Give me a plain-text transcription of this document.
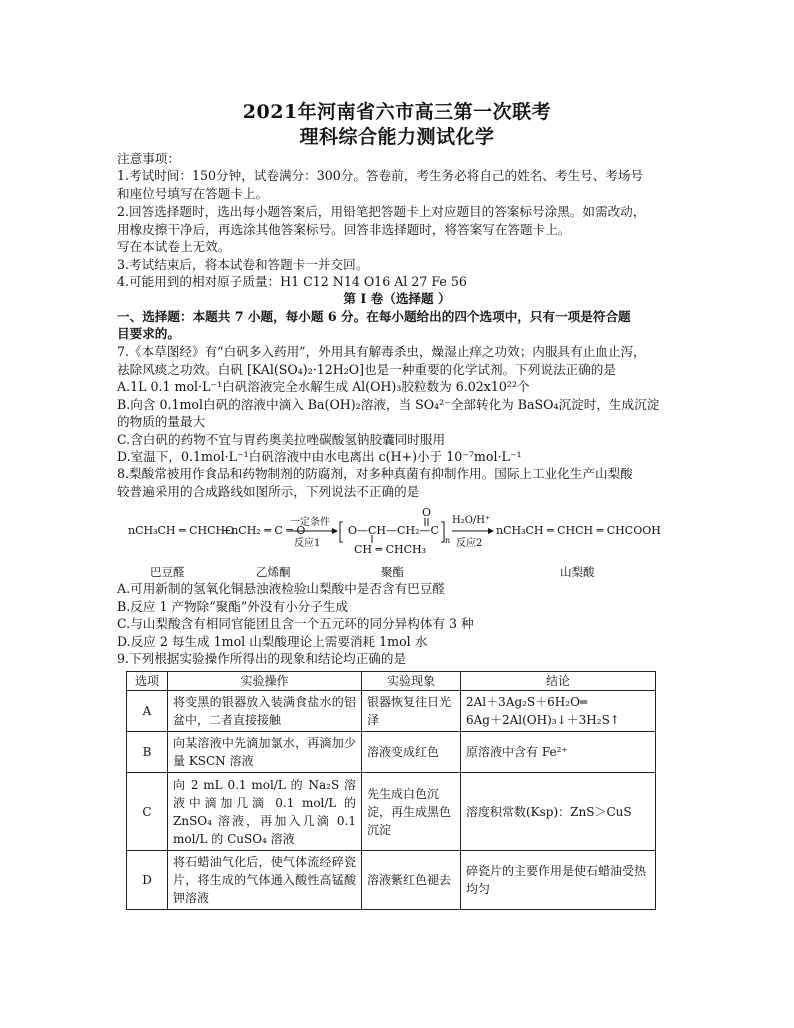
2021年河南省六市高三第一次联考
理科综合能力测试化学
注意事项：
1.考试时间：150分钟，试卷满分：300分。答卷前，考生务必将自己的姓名、考生号、考场号
和座位号填写在答题卡上。
2.回答选择题时，选出每小题答案后，用铅笔把答题卡上对应题目的答案标号涂黑。如需改动，
用橡皮擦干净后，再选涂其他答案标号。回答非选择题时，将答案写在答题卡上。
写在本试卷上无效。
3.考试结束后，将本试卷和答题卡一并交回。
4.可能用到的相对原子质量：H1 C12 N14 O16 Al 27 Fe 56
第 I 卷（选择题 ）
一、选择题：本题共 7 小题，每小题 6 分。在每小题给出的四个选项中，只有一项是符合题
目要求的。
7.《本草图经》有“白矾多入药用”，外用具有解毒杀虫，燥湿止痒之功效；内服具有止血止泻，
祛除风痰之功效。白矾 [KAl(SO₄)₂·12H₂O]也是一种重要的化学试剂。下列说法正确的是
A.1L 0.1 mol·L⁻¹白矾溶液完全水解生成 Al(OH)₃胶粒数为 6.02x10²²个
B.向含 0.1mol白矾的溶液中滴入 Ba(OH)₂溶液，当 SO₄²⁻全部转化为 BaSO₄沉淀时，生成沉淀
的物质的量最大
C.含白矾的药物不宜与胃药奥美拉唑碳酸氢钠胶囊同时服用
D.室温下，0.1mol·L⁻¹白矾溶液中由水电离出 c(H+)小于 10⁻⁷mol·L⁻¹
8.梨酸常被用作食品和药物制剂的防腐剂，对多种真菌有抑制作用。国际上工业化生产山梨酸
较普遍采用的合成路线如图所示，下列说法不正确的是
nCH₃CH ═ CHCHO
+nCH₂ ═ C ═ O
一定条件
反应1
O—CH—CH₂—C
O
CH ═ CHCH₃
n
H₂O/H⁺
反应2
nCH₃CH ═ CHCH ═ CHCOOH
巴豆醛	乙烯酮	聚酯	山梨酸
A.可用新制的氢氧化铜悬浊液检验山梨酸中是否含有巴豆醛
B.反应 1 产物除“聚酯”外没有小分子生成
C.与山梨酸含有相同官能团且含一个五元环的同分异构体有 3 种
D.反应 2 每生成 1mol 山梨酸理论上需要消耗 1mol 水
9.下列根据实验操作所得出的现象和结论均正确的是
选项	实验操作	实验现象	结论
A	将变黑的银器放入装满食盐水的铝盆中，二者直接接触	银器恢复往日光泽	2Al＋3Ag₂S＋6H₂O═
6Ag＋2Al(OH)₃↓＋3H₂S↑

B	向某溶液中先滴加氯水，再滴加少量 KSCN 溶液	溶液变成红色	原溶液中含有 Fe²⁺
C	向 2 mL 0.1 mol/L 的 Na₂S 溶液中滴加几滴 0.1 mol/L 的 ZnSO₄ 溶液，再加入几滴 0.1 mol/L 的 CuSO₄ 溶液	先生成白色沉淀，再生成黑色沉淀	溶度积常数(Ksp)：ZnS＞CuS
D	将石蜡油气化后，使气体流经碎瓷片，将生成的气体通入酸性高锰酸钾溶液	溶液紫红色褪去	碎瓷片的主要作用是使石蜡油受热均匀
